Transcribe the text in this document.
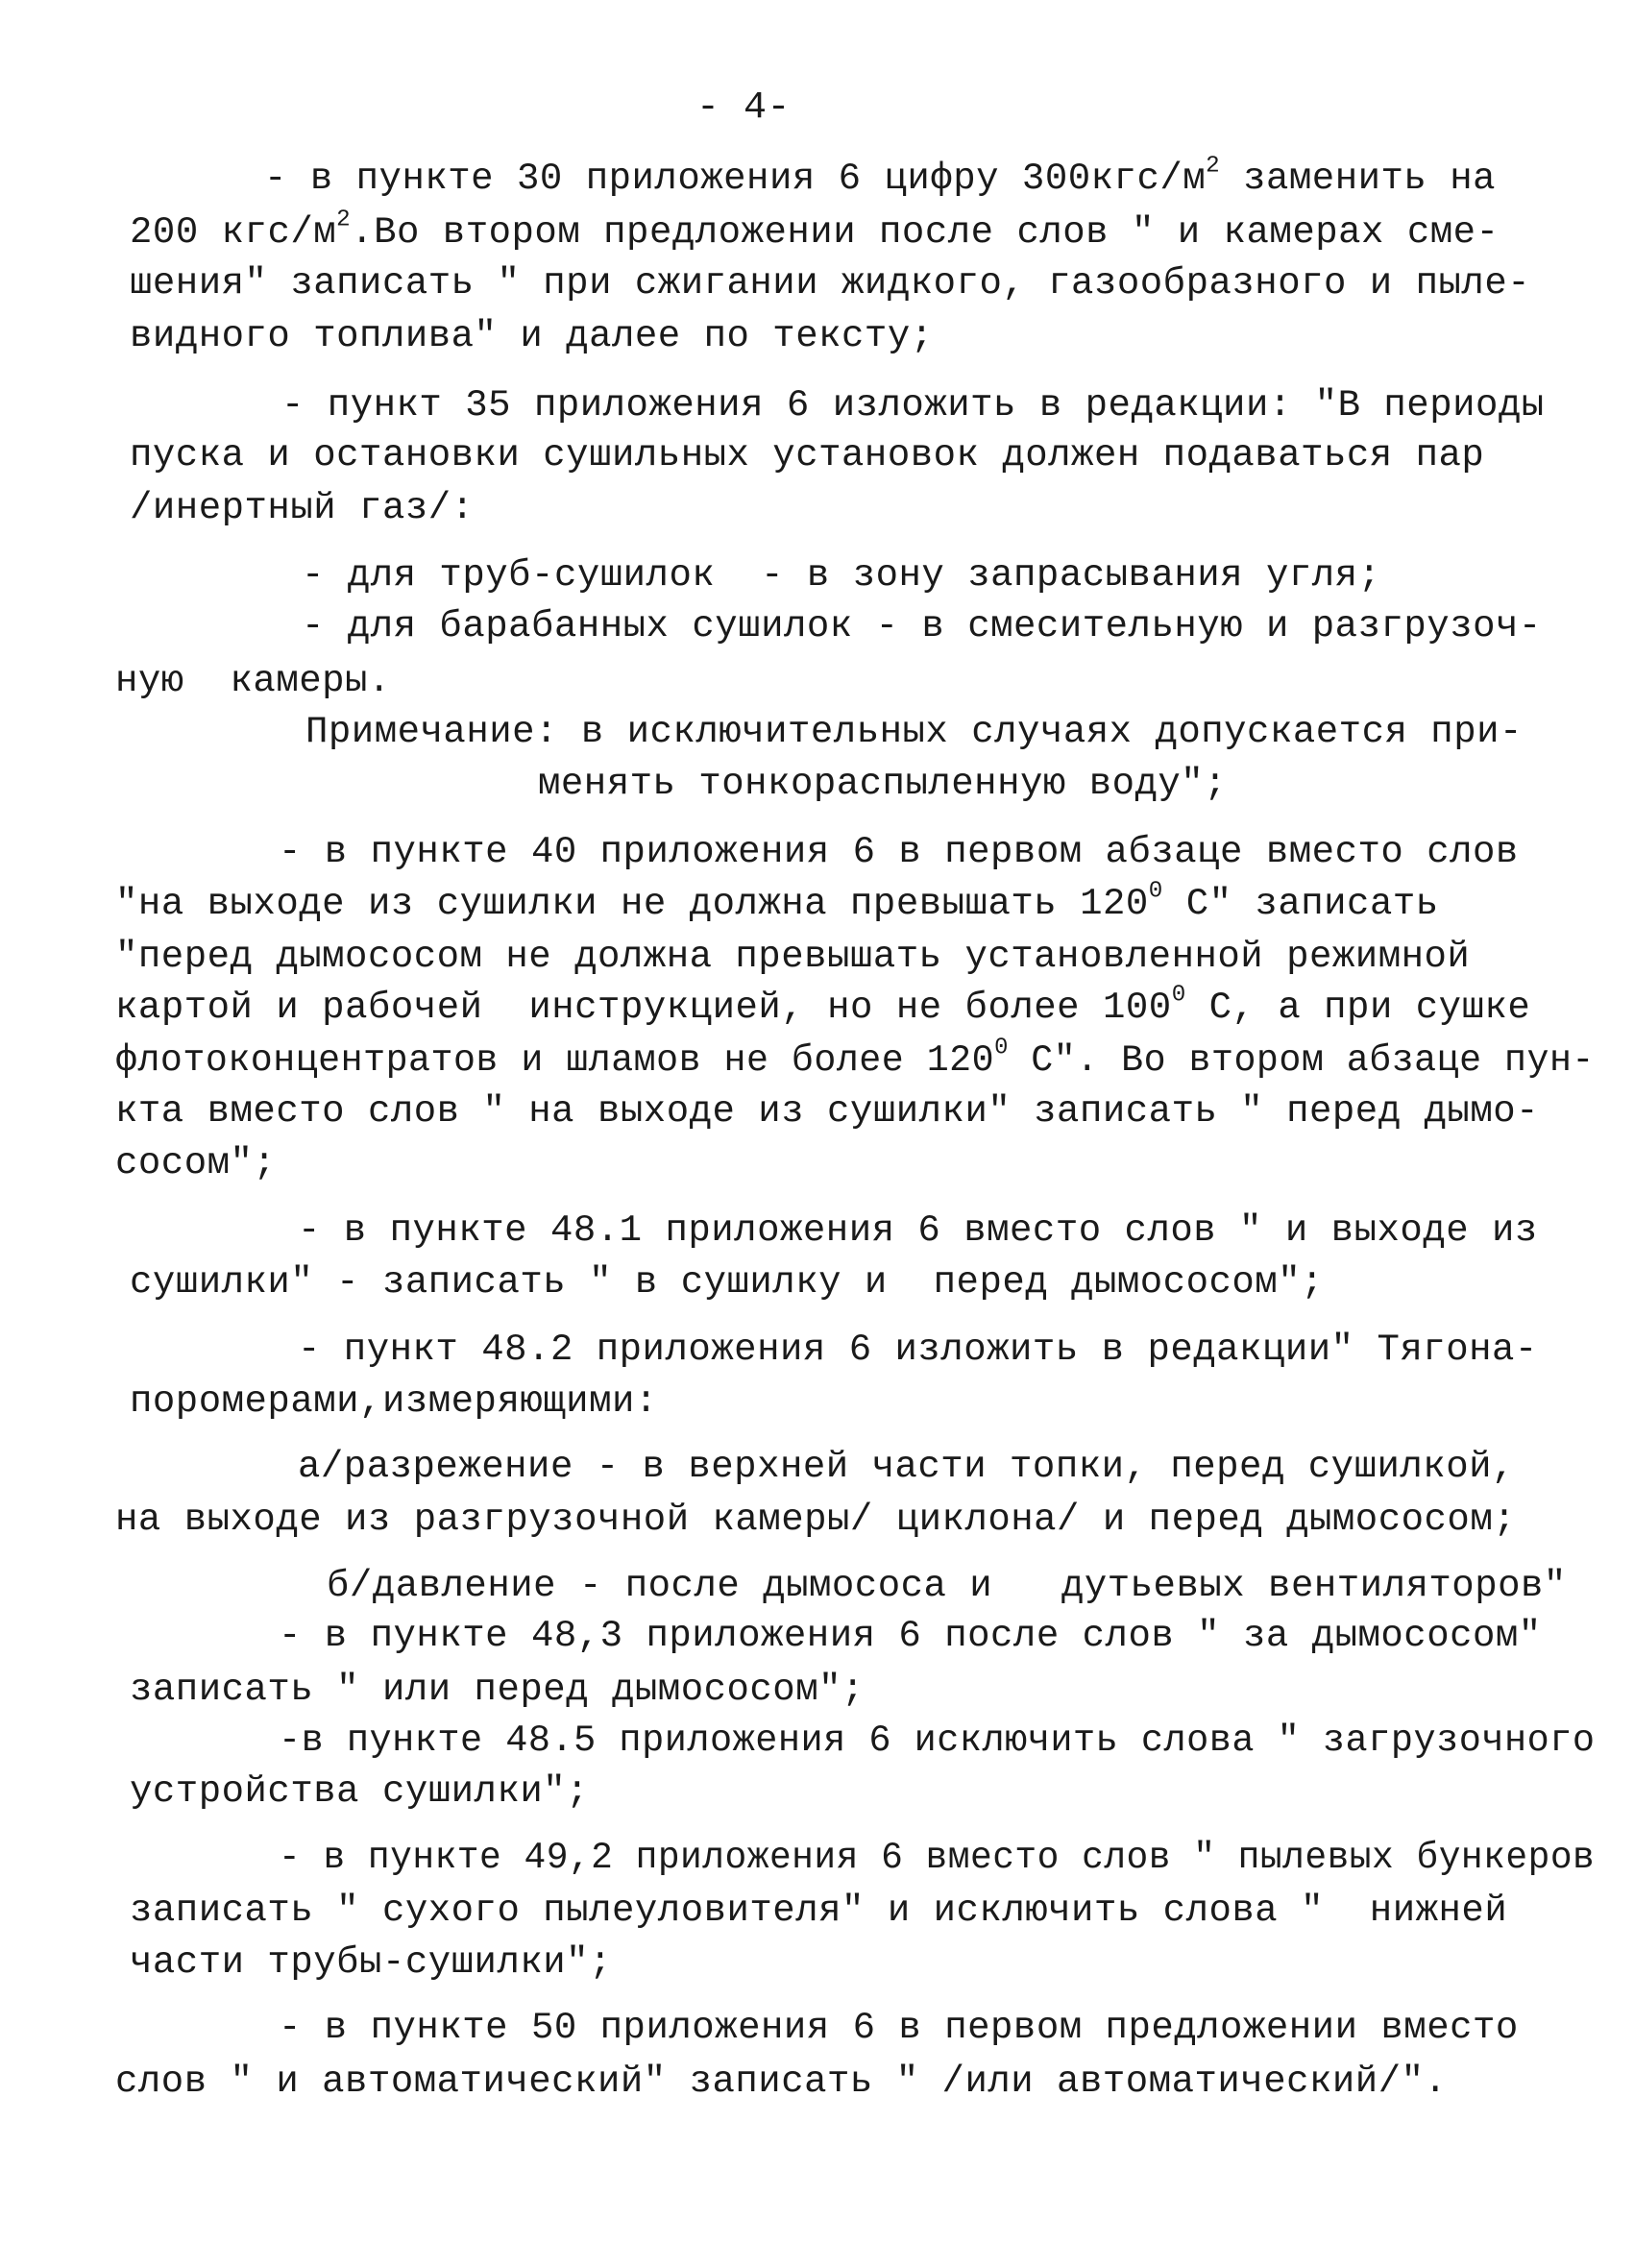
- 4-
- в пункте 30 приложения 6 цифру $300кгс/м^2$ заменить на
200 кгс/$м^2.Во$ втором предложении после слов " и камерах сме-
шения" записать " при сжигании жидкого, газообразного и пыле-
видного топлива" и далее по тексту;
- пункт 35 приложения 6 изложить в редакции: "В периоды
пуска и остановки сушильных установок должен подаваться пар
/инертный газ/:
- для труб-сушилок  - в зону запрасывания угля;
- для барабанных сушилок - в смесительную и разгрузоч-
ную  камеры.
Примечание: в исключительных случаях допускается при-
менять тонкораспыленную воду";
- в пункте 40 приложения 6 в первом абзаце вместо слов
"на выходе из сушилки не должна превышать $120^0$ С" записать
"перед дымососом не должна превышать установленной режимной
картой и рабочей инструкцией, но не более $100^0$ С, а при сушке
флотоконцентратов и шламов не более $120^0$ С". Во втором абзаце пун-
кта вместо слов " на выходе из сушилки" записать " перед дымо-
сосом";
- в пункте 48.1 приложения 6 вместо слов " и выходе из
сушилки" - записать " в сушилку и  перед дымососом";
- пункт 48.2 приложения 6 изложить в редакции" Тягона-
поромерами,измеряющими:
а/разрежение - в верхней части топки, перед сушилкой,
на выходе из разгрузочной камеры/ циклона/ и перед дымососом;
б/давление - после дымососа и   дутьевых вентиляторов"
- в пункте 48,3 приложения 6 после слов " за дымососом"
записать " или перед дымососом";
-в пункте 48.5 приложения 6 исключить слова " загрузочного
устройства сушилки";
- в пункте 49,2 приложения 6 вместо слов " пылевых бункеров
записать " сухого пылеуловителя" и исключить слова "  нижней
части трубы-сушилки";
- в пункте 50 приложения 6 в первом предложении вместо
слов " и автоматический" записать " /или автоматический/".
